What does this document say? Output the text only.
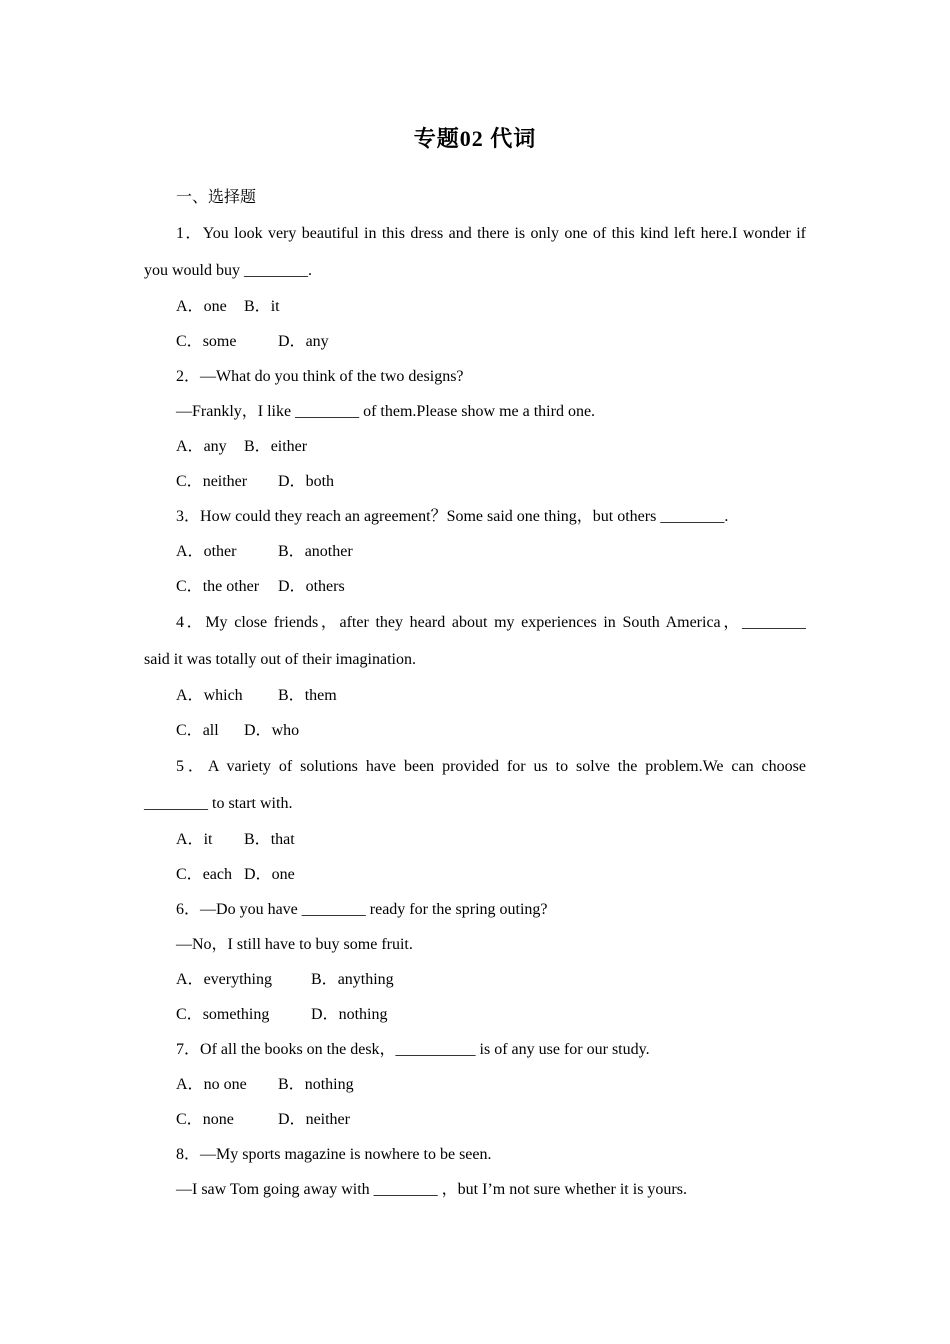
专题02 代词
一、选择题
1．You look very beautiful in this dress and there is only one of this kind left here.I wonder if
you would buy ________.
A．one B．it
C．some	D．any
2．—What do you think of the two designs?
—Frankly，I like ________ of them.Please show me a third one.
A．any B．either
C．neither D．both
3．How could they reach an agreement？Some said one thing，but others ________.
A．other	B．another
C．the other D．others
4．My close friends，after they heard about my experiences in South America，________
said it was totally out of their imagination.
A．which B．them
C．all D．who
5．A variety of solutions have been provided for us to solve the problem.We can choose
________ to start with.
A．it B．that
C．each D．one
6．—Do you have ________ ready for the spring outing?
—No，I still have to buy some fruit.
A．everything B．anything
C．something	D．nothing
7．Of all the books on the desk，__________ is of any use for our study.
A．no one B．nothing
C．none	D．neither
8．—My sports magazine is nowhere to be seen.
—I saw Tom going away with ________ ，but I’m not sure whether it is yours.
